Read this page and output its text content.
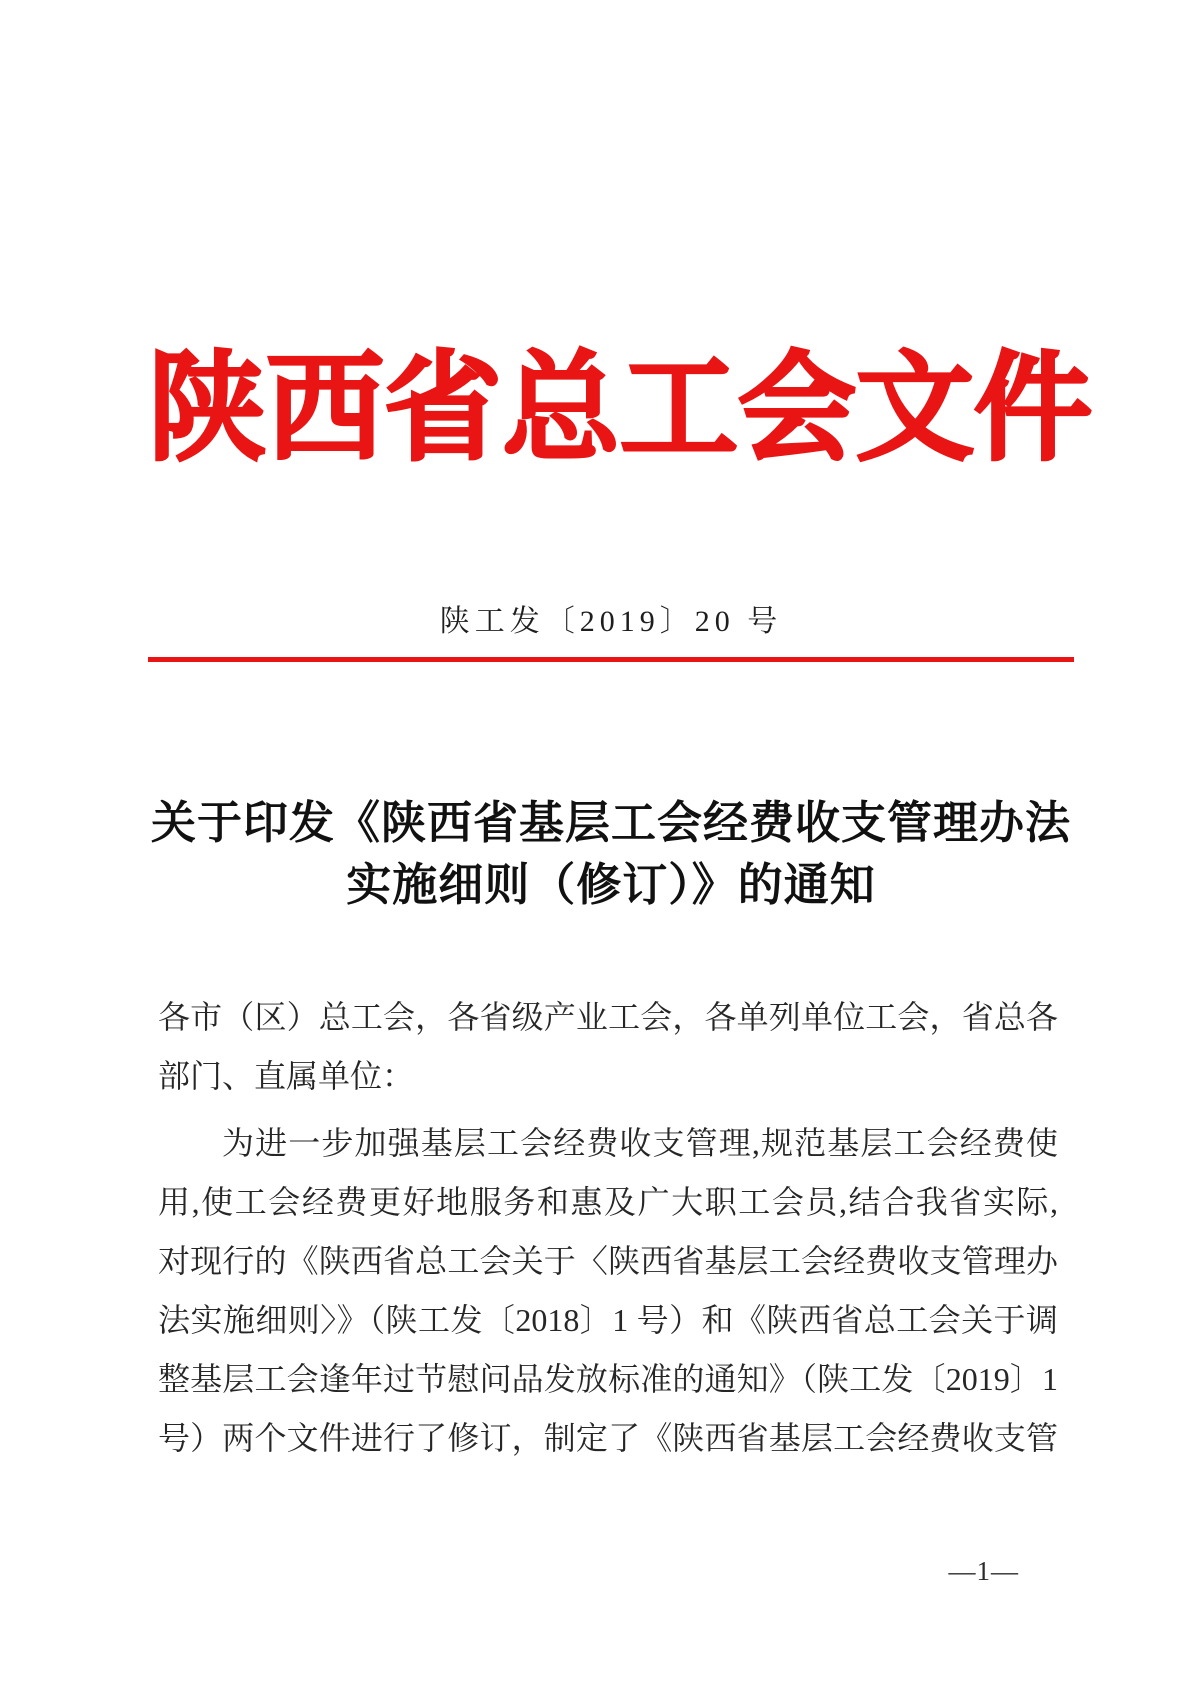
陕西省总工会文件
陕工发〔2019〕20 号
关于印发《陕西省基层工会经费收支管理办法
实施细则（修订）》的通知
各市（区）总工会，各省级产业工会，各单列单位工会，省总各
部门、直属单位：
为进一步加强基层工会经费收支管理,规范基层工会经费使
用,使工会经费更好地服务和惠及广大职工会员,结合我省实际,
对现行的《陕西省总工会关于〈陕西省基层工会经费收支管理办
法实施细则〉》（陕工发〔2018〕1 号）和《陕西省总工会关于调
整基层工会逢年过节慰问品发放标准的通知》（陕工发〔2019〕1
号）两个文件进行了修订，制定了《陕西省基层工会经费收支管
—1—
